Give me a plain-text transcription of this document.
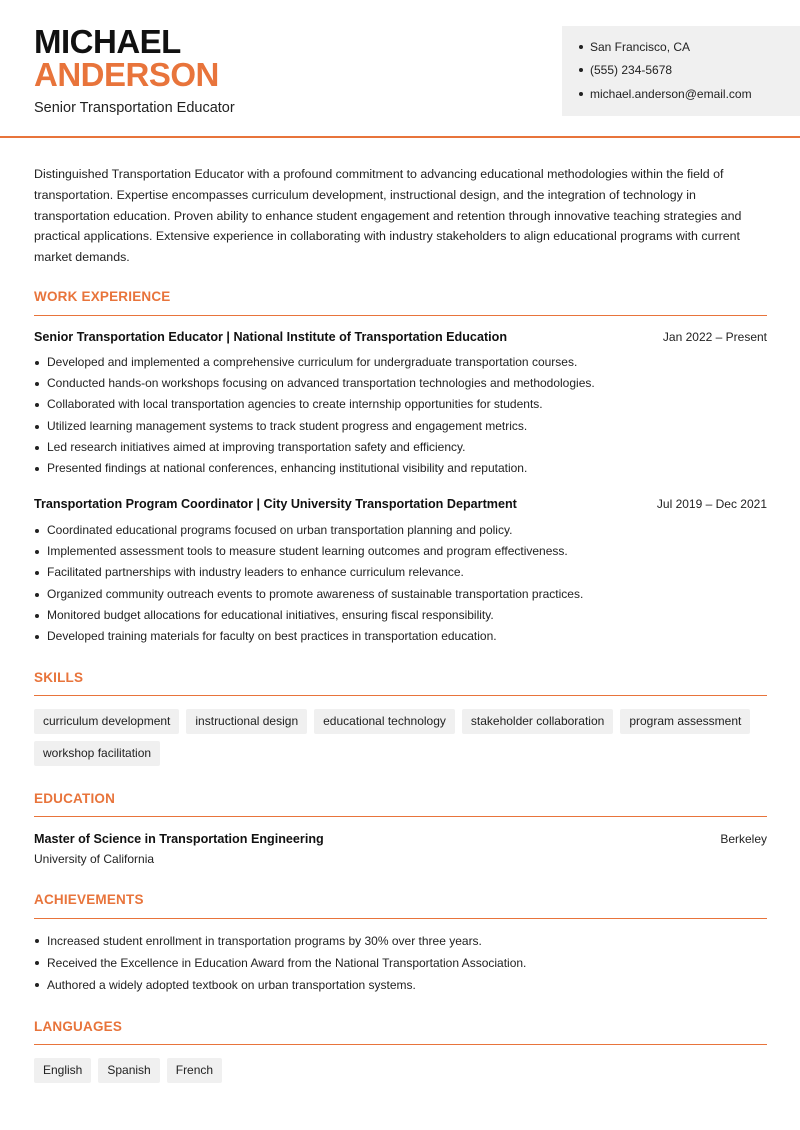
MICHAEL
ANDERSON
Senior Transportation Educator
San Francisco, CA
(555) 234-5678
michael.anderson@email.com

Distinguished Transportation Educator with a profound commitment to advancing educational methodologies within the field of transportation. Expertise encompasses curriculum development, instructional design, and the integration of technology in transportation education. Proven ability to enhance student engagement and retention through innovative teaching strategies and practical applications. Extensive experience in collaborating with industry stakeholders to align educational programs with current market demands.

WORK EXPERIENCE
Senior Transportation Educator | National Institute of Transportation Education	Jan 2022 – Present
Developed and implemented a comprehensive curriculum for undergraduate transportation courses.
Conducted hands-on workshops focusing on advanced transportation technologies and methodologies.
Collaborated with local transportation agencies to create internship opportunities for students.
Utilized learning management systems to track student progress and engagement metrics.
Led research initiatives aimed at improving transportation safety and efficiency.
Presented findings at national conferences, enhancing institutional visibility and reputation.
Transportation Program Coordinator | City University Transportation Department	Jul 2019 – Dec 2021
Coordinated educational programs focused on urban transportation planning and policy.
Implemented assessment tools to measure student learning outcomes and program effectiveness.
Facilitated partnerships with industry leaders to enhance curriculum relevance.
Organized community outreach events to promote awareness of sustainable transportation practices.
Monitored budget allocations for educational initiatives, ensuring fiscal responsibility.
Developed training materials for faculty on best practices in transportation education.
SKILLS
curriculum development	instructional design	educational technology	stakeholder collaboration	program assessment
workshop facilitation
EDUCATION
Master of Science in Transportation Engineering	Berkeley
University of California
ACHIEVEMENTS
Increased student enrollment in transportation programs by 30% over three years.
Received the Excellence in Education Award from the National Transportation Association.
Authored a widely adopted textbook on urban transportation systems.
LANGUAGES
English	Spanish	French
